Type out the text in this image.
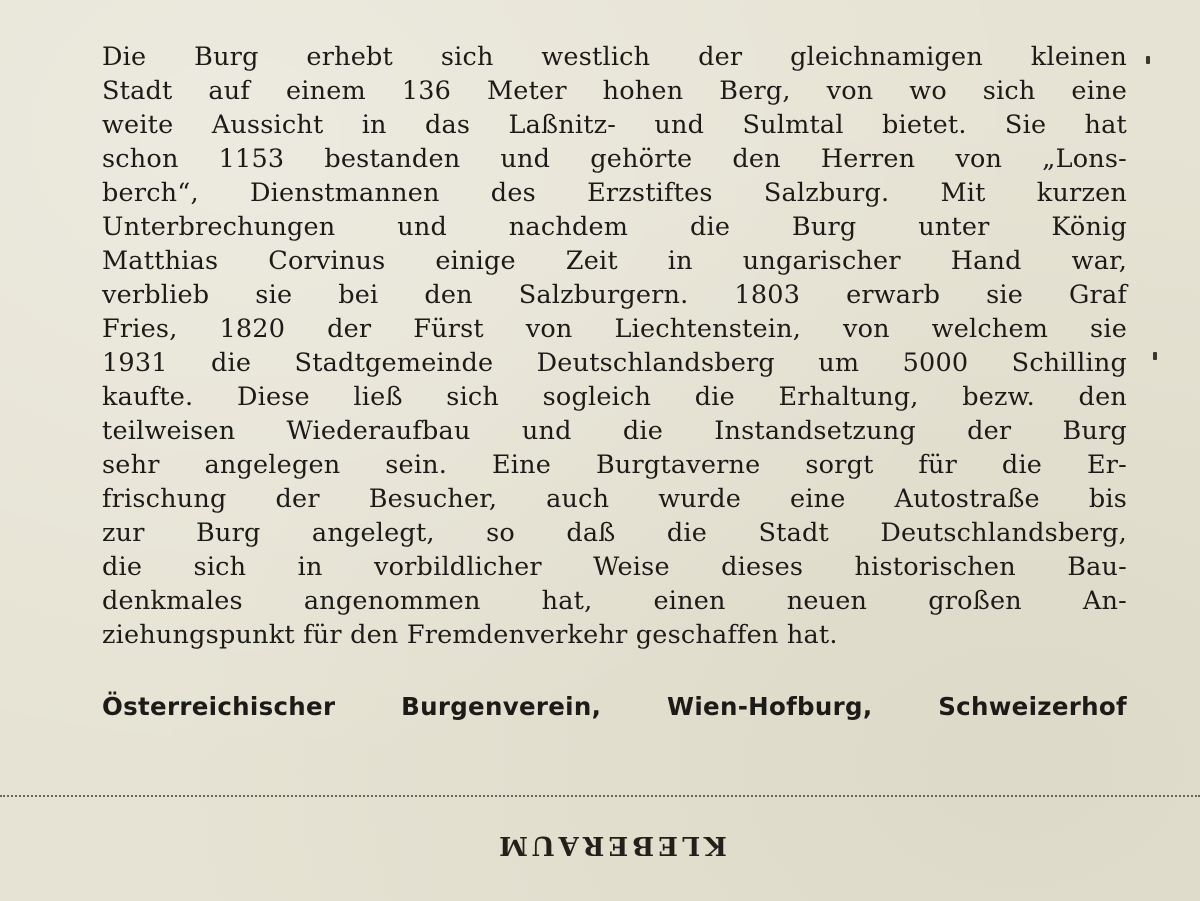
Die Burg erhebt sich westlich der gleichnamigen kleinen
Stadt auf einem 136 Meter hohen Berg, von wo sich eine
weite Aussicht in das Laßnitz- und Sulmtal bietet. Sie hat
schon 1153 bestanden und gehörte den Herren von „Lons-
berch“, Dienstmannen des Erzstiftes Salzburg. Mit kurzen
Unterbrechungen und nachdem die Burg unter König
Matthias Corvinus einige Zeit in ungarischer Hand war,
verblieb sie bei den Salzburgern. 1803 erwarb sie Graf
Fries, 1820 der Fürst von Liechtenstein, von welchem sie
1931 die Stadtgemeinde Deutschlandsberg um 5000 Schilling
kaufte. Diese ließ sich sogleich die Erhaltung, bezw. den
teilweisen Wiederaufbau und die Instandsetzung der Burg
sehr angelegen sein. Eine Burgtaverne sorgt für die Er-
frischung der Besucher, auch wurde eine Autostraße bis
zur Burg angelegt, so daß die Stadt Deutschlandsberg,
die sich in vorbildlicher Weise dieses historischen Bau-
denkmales angenommen hat, einen neuen großen An-
ziehungspunkt für den Fremdenverkehr geschaffen hat.
Österreichischer Burgenverein, Wien-Hofburg, Schweizerhof
KLEBERAUM
